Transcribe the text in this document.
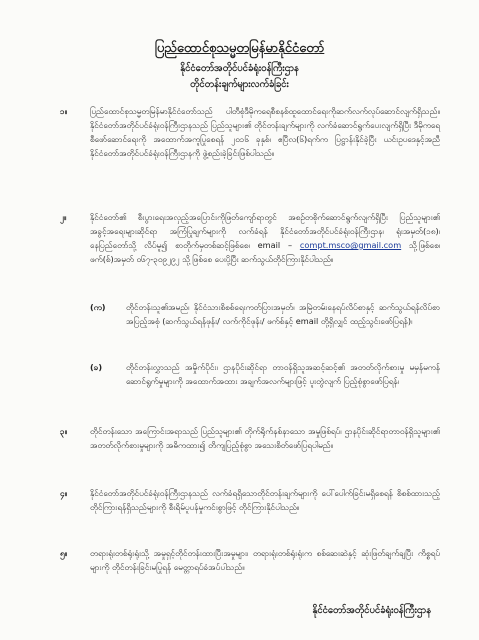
ပြည်ထောင်စုသမ္မတမြန်မာနိုင်ငံတော်
နိုင်ငံတော်အတိုင်ပင်ခံရုံးဝန်ကြီးဌာန
တိုင်တန်းချက်များလက်ခံခြင်း
၁။	ပြည်ထောင်စုသမ္မတမြန်မာနိုင်ငံတော်သည် ပါတီစုံဒီမိုကရေစီစနစ်ထူထောင်ရေးကိုဆက်လက်လုပ်ဆောင်လျက်ရှိသည်။ နိုင်ငံတော်အတိုင်ပင်ခံရုံးဝန်ကြီးဌာနသည် ပြည်သူများ၏ တိုင်တန်းချက်များကို လက်ခံဆောင်ရွက်ပေးလျက်ရှိပြီး ဒီမိုကရေစီဖော်ဆောင်ရေးကို အထောက်အကူပြုစေရန် ၂၀၁၆ ခုနှစ်၊ ဧပြီလ(၆)ရက်က ပြဋ္ဌာန်းနိုင်ခဲ့ပြီး ယင်းဥပဒေနှင့်အညီ နိုင်ငံတော်အတိုင်ပင်ခံရုံးဝန်ကြီးဌာနကို ဖွဲ့စည်းခဲ့ခြင်းဖြစ်ပါသည်။
၂။	နိုင်ငံတော်၏ စီးပွားရေးအလှည့်အပြောင်းကိုဖြတ်ကျော်ရာတွင် အစဉ်တစိုက်ဆောင်ရွက်လျက်ရှိပြီး ပြည်သူများ၏ အခွင့်အရေးများဆိုင်ရာ အကြံပြုချက်များကို လက်ခံရန် နိုင်ငံတော်အတိုင်ပင်ခံရုံးဝန်ကြီးဌာန၊ ရုံးအမှတ်(၁၈)၊ နေပြည်တော်သို့ လိပ်မူ၍ စာတိုက်မှတစ်ဆင့်ဖြစ်စေ၊ email – compt.msco@gmail.com သို့ဖြစ်စေ၊ ဖက်(စ်)အမှတ် ၀၆၇-၃၀၉၂၉၂ သို့ဖြစ်စေ ပေးပို့ပြီး ဆက်သွယ်တိုင်ကြားနိုင်ပါသည်။
(က)	တိုင်တန်းသူ၏အမည်၊ နိုင်ငံသားစိစစ်ရေးကတ်ပြားအမှတ်၊ အမြဲတမ်းနေရပ်လိပ်စာနှင့် ဆက်သွယ်ရန်လိပ်စာအပြည့်အစုံ (ဆက်သွယ်ရန်ဖုန်း/ လက်ကိုင်ဖုန်း/ ဖက်စ်နှင့် email တို့ရှိလျှင် ထည့်သွင်းဖော်ပြရန်)၊
(ခ)	တိုင်တန်းလွှာသည် အမှိုက်ပိုင်း၊ ဌာနပိုင်းဆိုင်ရာ တာဝန်ရှိသူအဆင့်ဆင့်၏ အတတ်လိုက်စားမှု မမှန်မကန်ဆောင်ရွက်မှုများကို အထောက်အထား အချက်အလက်များဖြင့် ပူးတွဲလျက် ပြည့်စုံစွာဖော်ပြရန်၊
၃။	တိုင်တန်းသော အကြောင်းအရာသည် ပြည်သူများ၏ တိုက်ရိုက်နစ်နာသော အမှုဖြစ်ရပ်၊ ဌာနပိုင်းဆိုင်ရာတာဝန်ရှိသူများ၏ အတတ်လိုက်စားမှုများကို အဓိကထား၍ တိကျပြည့်စုံစွာ အသေးစိတ်ဖော်ပြရပါမည်။
၄။	နိုင်ငံတော်အတိုင်ပင်ခံရုံးဝန်ကြီးဌာနသည် လက်ခံရရှိသောတိုင်တန်းချက်များကို ပေါ်ပေါက်ခြင်းမရှိစေရန် စိစစ်ထားသည့် တိုင်ကြားရန်ရှိသည်များကို စီးရိမ်ပူပန်မှုကင်းစွာဖြင့် တိုင်ကြားနိုင်ပါသည်။
၅။	တရားရုံးတစ်ရုံးရုံးသို့ အမှုရှင့်တိုင်တန်းထားပြီးအမှုများ၊ တရားရုံးတစ်ရုံးရုံးက စစ်ဆေးဆဲနှင့် ဆုံးဖြတ်ချက်ချပြီး ကိစ္စရပ်များကို တိုင်တန်းခြင်းမပြုရန် မေတ္တာရပ်ခံအပ်ပါသည်။
နိုင်ငံတော်အတိုင်ပင်ခံရုံးဝန်ကြီးဌာန
